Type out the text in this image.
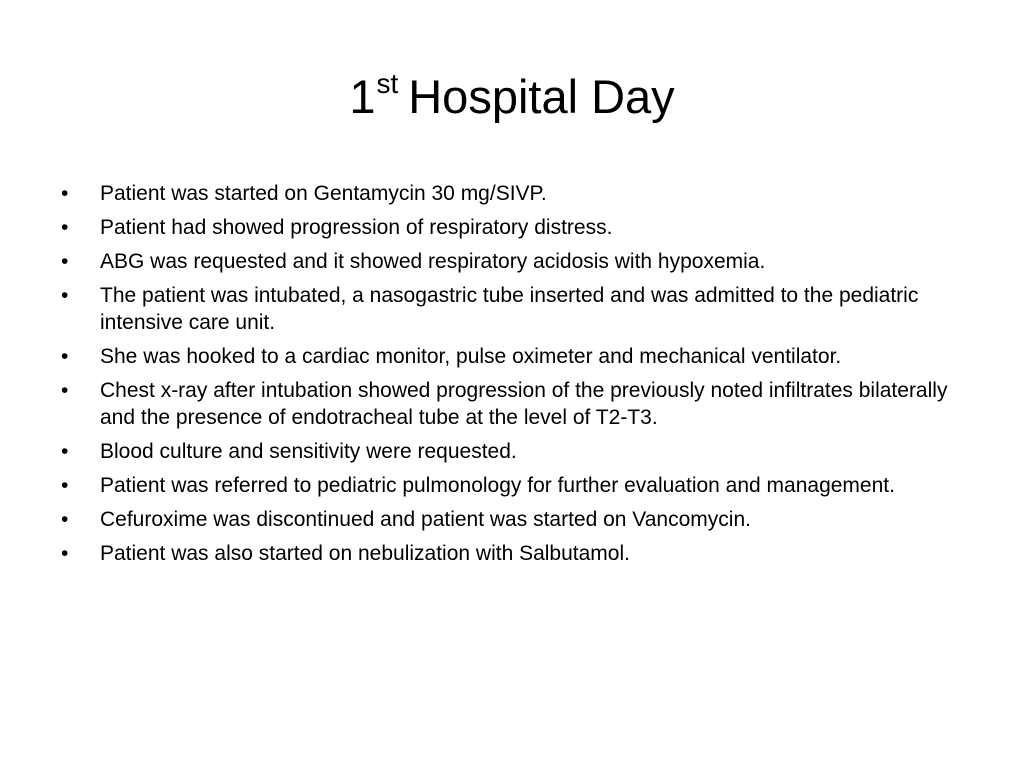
1st Hospital Day
•	Patient was started on Gentamycin 30 mg/SIVP.
•	Patient had showed progression of respiratory distress.
•	ABG was requested and it showed respiratory acidosis with hypoxemia.
•	The patient was intubated, a nasogastric tube inserted and was admitted to the pediatric intensive care unit.
•	She was hooked to a cardiac monitor, pulse oximeter and mechanical ventilator.
•	Chest x-ray after intubation showed progression of the previously noted infiltrates bilaterally and the presence of endotracheal tube at the level of T2-T3.
•	Blood culture and sensitivity were requested.
•	Patient was referred to pediatric pulmonology for further evaluation and management.
•	Cefuroxime was discontinued and patient was started on Vancomycin.
•	Patient was also started on nebulization with Salbutamol.
